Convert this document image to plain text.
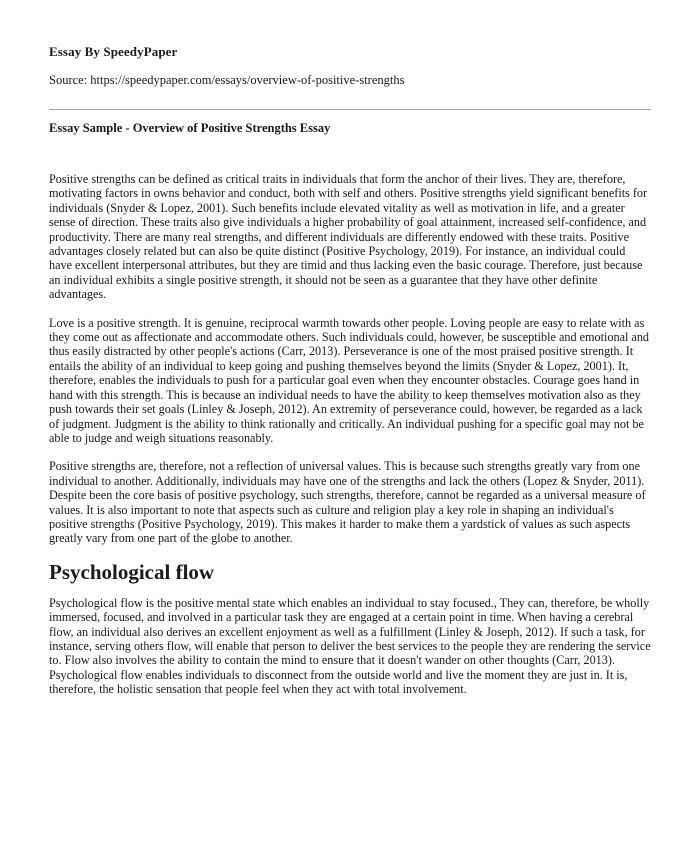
Essay By SpeedyPaper
Source: https://speedypaper.com/essays/overview-of-positive-strengths
Essay Sample - Overview of Positive Strengths Essay

Positive strengths can be defined as critical traits in individuals that form the anchor of their lives. They are, therefore, motivating factors in owns behavior and conduct, both with self and others. Positive strengths yield significant benefits for individuals (Snyder & Lopez, 2001). Such benefits include elevated vitality as well as motivation in life, and a greater sense of direction. These traits also give individuals a higher probability of goal attainment, increased self-confidence, and productivity. There are many real strengths, and different individuals are differently endowed with these traits. Positive advantages closely related but can also be quite distinct (Positive Psychology, 2019). For instance, an individual could have excellent interpersonal attributes, but they are timid and thus lacking even the basic courage. Therefore, just because an individual exhibits a single positive strength, it should not be seen as a guarantee that they have other definite advantages.

Love is a positive strength. It is genuine, reciprocal warmth towards other people. Loving people are easy to relate with as they come out as affectionate and accommodate others. Such individuals could, however, be susceptible and emotional and thus easily distracted by other people's actions (Carr, 2013). Perseverance is one of the most praised positive strength. It entails the ability of an individual to keep going and pushing themselves beyond the limits (Snyder & Lopez, 2001). It, therefore, enables the individuals to push for a particular goal even when they encounter obstacles. Courage goes hand in hand with this strength. This is because an individual needs to have the ability to keep themselves motivation also as they push towards their set goals (Linley & Joseph, 2012). An extremity of perseverance could, however, be regarded as a lack of judgment. Judgment is the ability to think rationally and critically. An individual pushing for a specific goal may not be able to judge and weigh situations reasonably.

Positive strengths are, therefore, not a reflection of universal values. This is because such strengths greatly vary from one individual to another. Additionally, individuals may have one of the strengths and lack the others (Lopez & Snyder, 2011). Despite been the core basis of positive psychology, such strengths, therefore, cannot be regarded as a universal measure of values. It is also important to note that aspects such as culture and religion play a key role in shaping an individual's positive strengths (Positive Psychology, 2019). This makes it harder to make them a yardstick of values as such aspects greatly vary from one part of the globe to another.

Psychological flow

Psychological flow is the positive mental state which enables an individual to stay focused., They can, therefore, be wholly immersed, focused, and involved in a particular task they are engaged at a certain point in time. When having a cerebral flow, an individual also derives an excellent enjoyment as well as a fulfillment (Linley & Joseph, 2012). If such a task, for instance, serving others flow, will enable that person to deliver the best services to the people they are rendering the service to. Flow also involves the ability to contain the mind to ensure that it doesn't wander on other thoughts (Carr, 2013). Psychological flow enables individuals to disconnect from the outside world and live the moment they are just in. It is, therefore, the holistic sensation that people feel when they act with total involvement.
